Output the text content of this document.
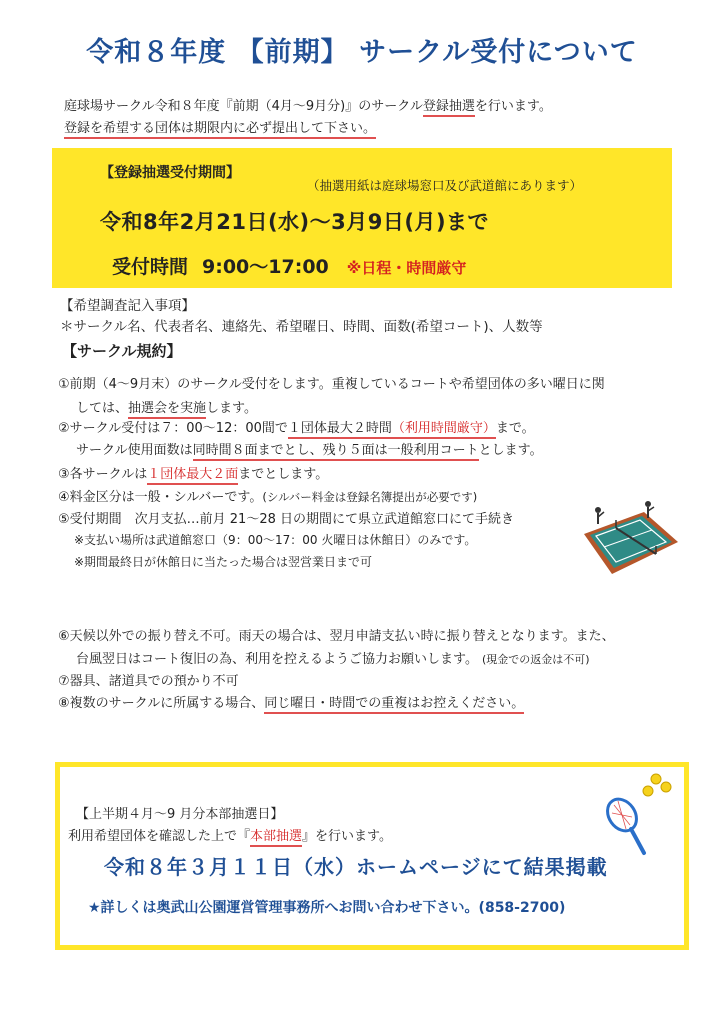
令和８年度 【前期】 サークル受付について
庭球場サークル令和８年度『前期（4月～9月分)』のサークル登録抽選を行います。
登録を希望する団体は期限内に必ず提出して下さい。
【登録抽選受付期間】
（抽選用紙は庭球場窓口及び武道館にあります）
令和8年2月21日(水)～3月9日(月)まで
受付時間 9:00～17:00 ※日程・時間厳守
【希望調査記入事項】
＊サークル名、代表者名、連絡先、希望曜日、時間、面数(希望コート)、人数等
【サークル規約】
①前期（4～9月末）のサークル受付をします。重複しているコートや希望団体の多い曜日に関
しては、抽選会を実施します。
②サークル受付は７：00～12：00間で１団体最大２時間（利用時間厳守）まで。
サークル使用面数は同時間８面までとし、残り５面は一般利用コートとします。
③各サークルは１団体最大２面までとします。
④料金区分は一般・シルバーです。(シルバー料金は登録名簿提出が必要です)
⑤受付期間　次月支払…前月 21～28 日の期間にて県立武道館窓口にて手続き
※支払い場所は武道館窓口（9：00～17：00 火曜日は休館日）のみです。
※期間最終日が休館日に当たった場合は翌営業日まで可
⑥天候以外での振り替え不可。雨天の場合は、翌月申請支払い時に振り替えとなります。また、
台風翌日はコート復旧の為、利用を控えるようご協力お願いします。 (現金での返金は不可)
⑦器具、諸道具での預かり不可
⑧複数のサークルに所属する場合、同じ曜日・時間での重複はお控えください。
【上半期４月～9 月分本部抽選日】
利用希望団体を確認した上で『本部抽選』を行います。
令和８年３月１１日（水）ホームページにて結果掲載
★詳しくは奥武山公園運営管理事務所へお問い合わせ下さい。(858-2700)
